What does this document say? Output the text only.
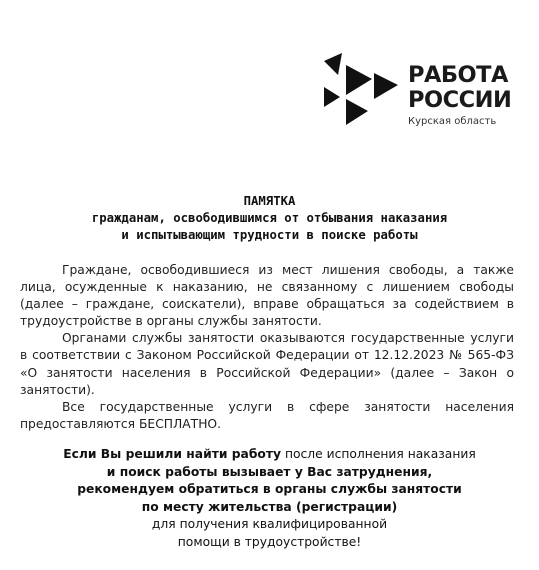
РАБОТА
РОССИИ
Курская область
ПАМЯТКА
гражданам, освободившимся от отбывания наказания
и испытывающим трудности в поиске работы

Граждане, освободившиеся из мест лишения свободы, а также лица, осужденные к наказанию, не связанному с лишением свободы (далее – граждане, соискатели), вправе обращаться за содействием в трудоустройстве в органы службы занятости.

Органами службы занятости оказываются государственные услуги в соответствии с Законом Российской Федерации от 12.12.2023 № 565-ФЗ «О занятости населения в Российской Федерации» (далее – Закон о занятости).

Все государственные услуги в сфере занятости населения предоставляются БЕСПЛАТНО.

Если Вы решили найти работу после исполнения наказания
и поиск работы вызывает у Вас затруднения,
рекомендуем обратиться в органы службы занятости
по месту жительства (регистрации)
для получения квалифицированной
помощи в трудоустройстве!
